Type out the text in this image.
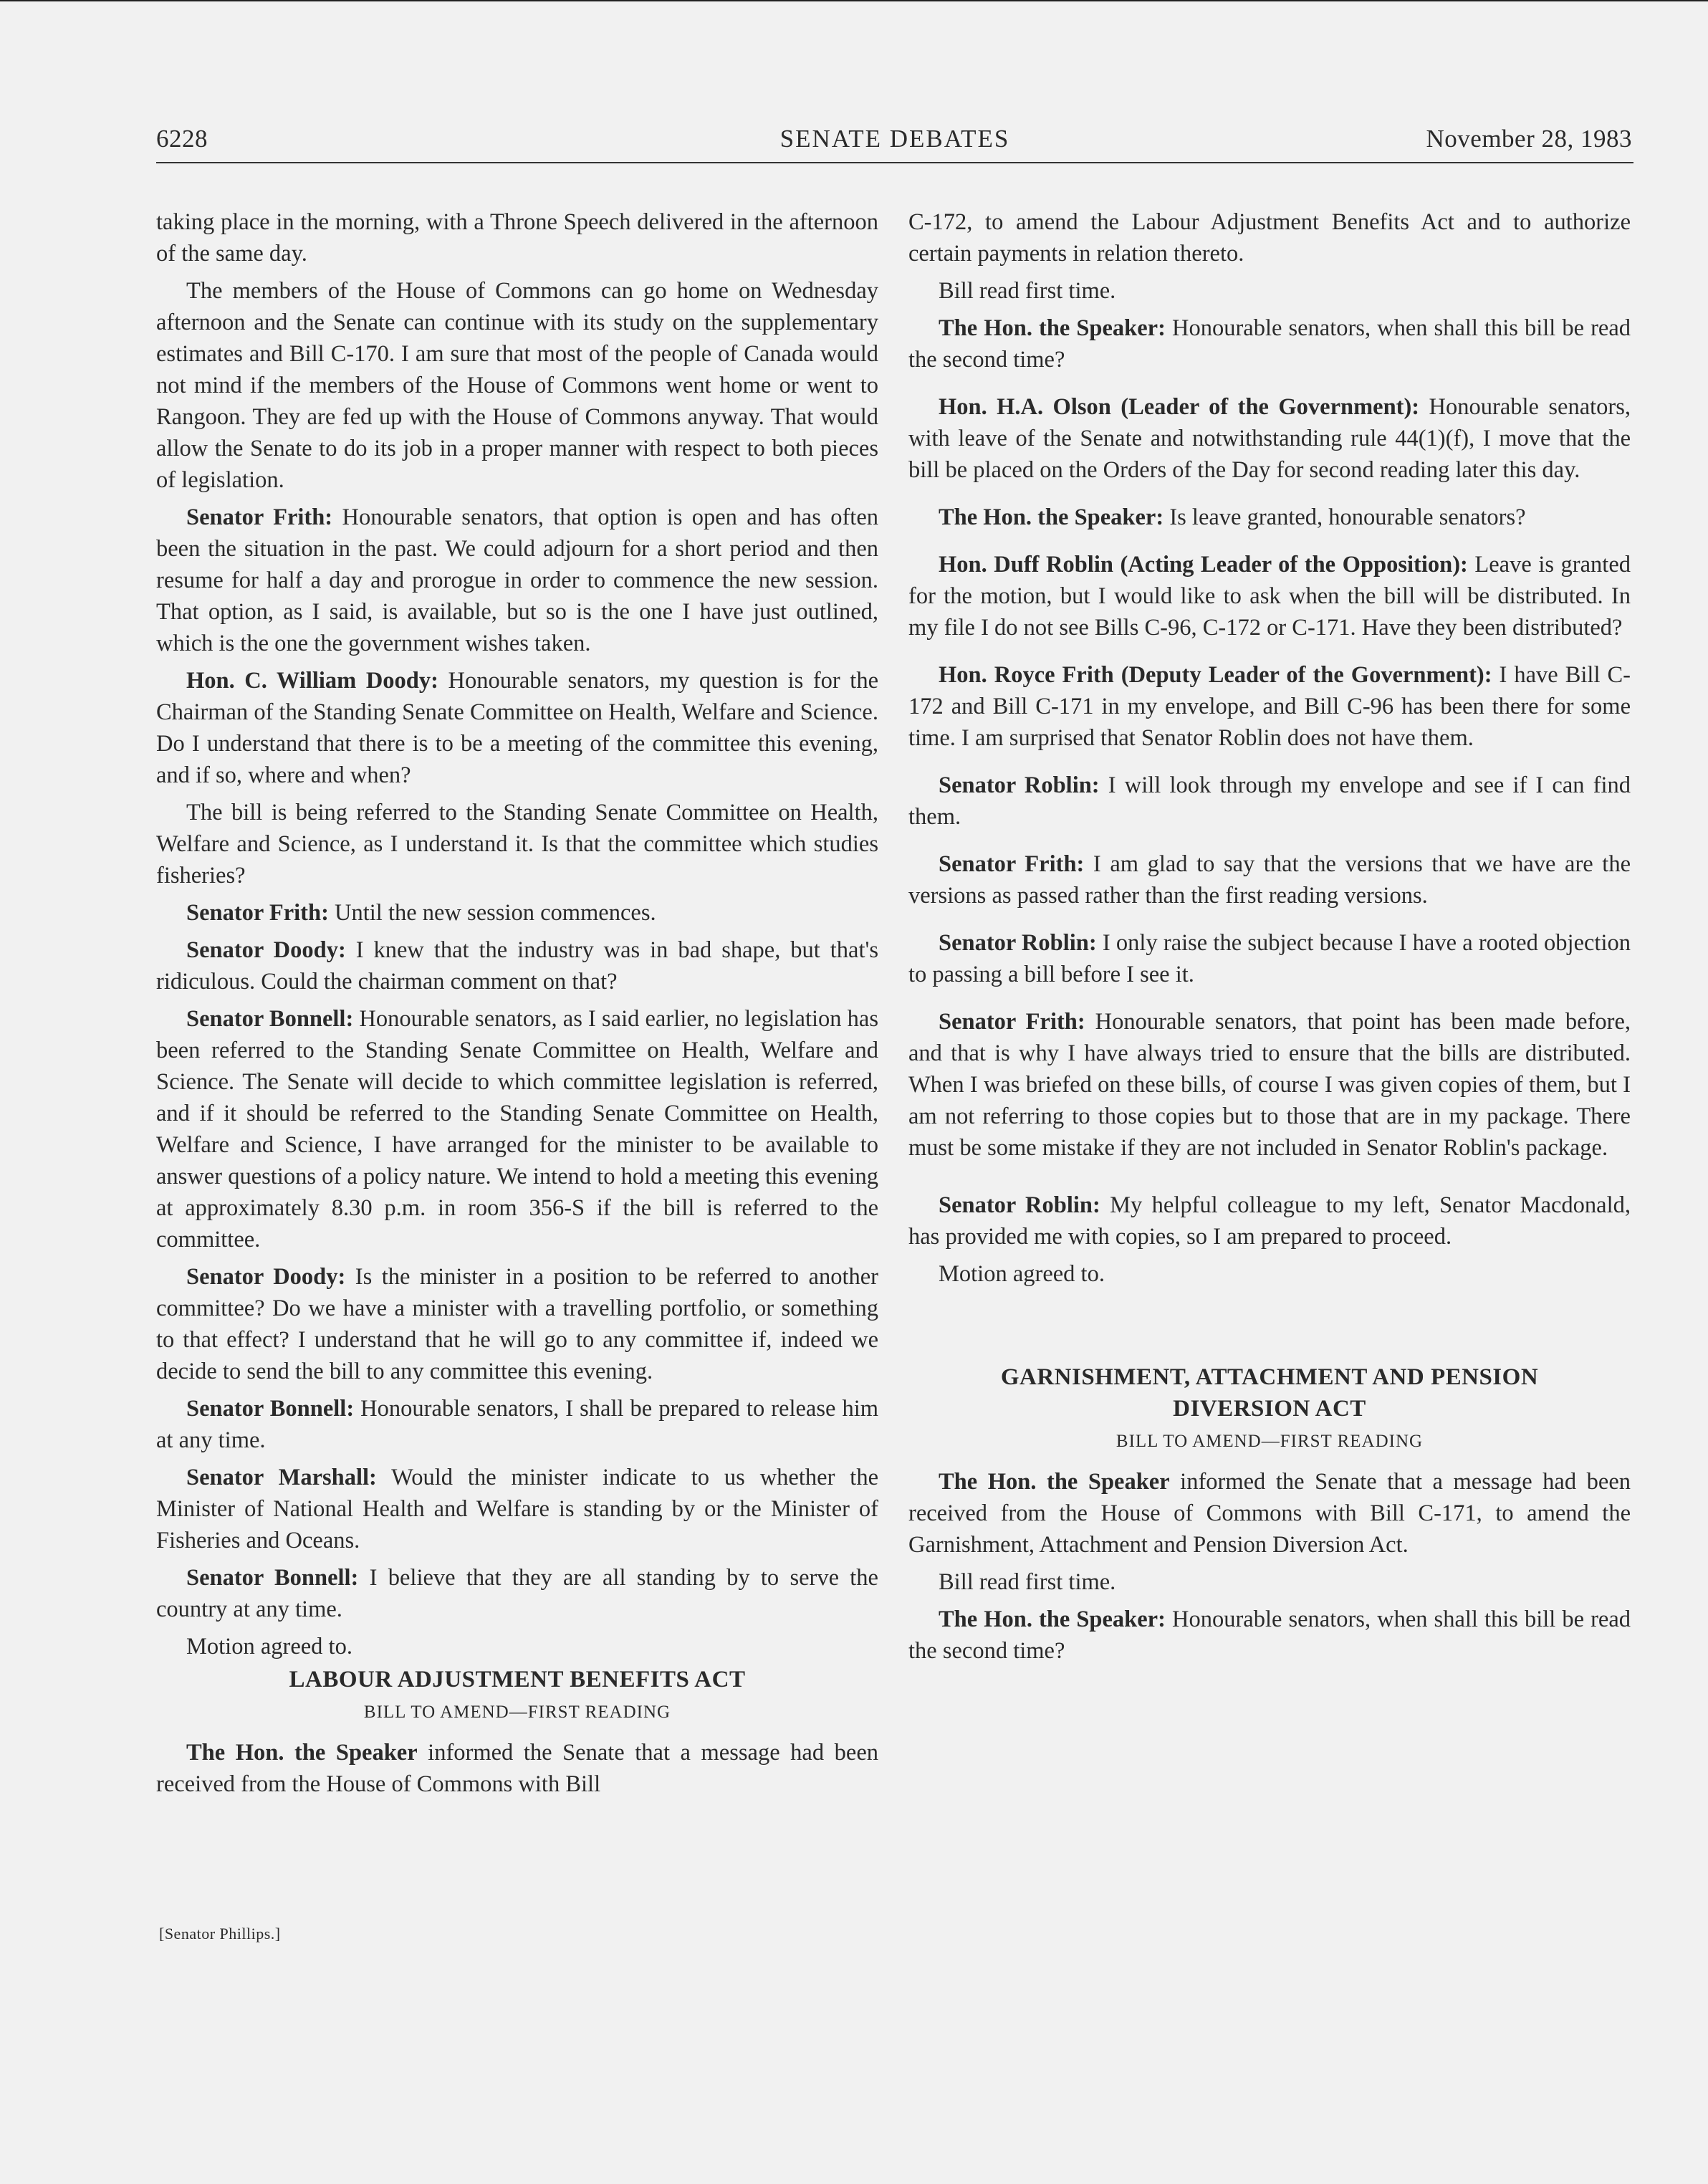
6228	SENATE DEBATES	November 28, 1983

taking place in the morning, with a Throne Speech delivered in the afternoon of the same day.

The members of the House of Commons can go home on Wednesday afternoon and the Senate can continue with its study on the supplementary estimates and Bill C-170. I am sure that most of the people of Canada would not mind if the members of the House of Commons went home or went to Rangoon. They are fed up with the House of Commons anyway. That would allow the Senate to do its job in a proper manner with respect to both pieces of legislation.

Senator Frith: Honourable senators, that option is open and has often been the situation in the past. We could adjourn for a short period and then resume for half a day and prorogue in order to commence the new session. That option, as I said, is available, but so is the one I have just outlined, which is the one the government wishes taken.

Hon. C. William Doody: Honourable senators, my question is for the Chairman of the Standing Senate Committee on Health, Welfare and Science. Do I understand that there is to be a meeting of the committee this evening, and if so, where and when?

The bill is being referred to the Standing Senate Committee on Health, Welfare and Science, as I understand it. Is that the committee which studies fisheries?

Senator Frith: Until the new session commences.

Senator Doody: I knew that the industry was in bad shape, but that's ridiculous. Could the chairman comment on that?

Senator Bonnell: Honourable senators, as I said earlier, no legislation has been referred to the Standing Senate Committee on Health, Welfare and Science. The Senate will decide to which committee legislation is referred, and if it should be referred to the Standing Senate Committee on Health, Welfare and Science, I have arranged for the minister to be available to answer questions of a policy nature. We intend to hold a meeting this evening at approximately 8.30 p.m. in room 356-S if the bill is referred to the committee.

Senator Doody: Is the minister in a position to be referred to another committee? Do we have a minister with a travelling portfolio, or something to that effect? I understand that he will go to any committee if, indeed we decide to send the bill to any committee this evening.

Senator Bonnell: Honourable senators, I shall be prepared to release him at any time.

Senator Marshall: Would the minister indicate to us whether the Minister of National Health and Welfare is standing by or the Minister of Fisheries and Oceans.

Senator Bonnell: I believe that they are all standing by to serve the country at any time.

Motion agreed to.

LABOUR ADJUSTMENT BENEFITS ACT

BILL TO AMEND—FIRST READING

The Hon. the Speaker informed the Senate that a message had been received from the House of Commons with Bill

C-172, to amend the Labour Adjustment Benefits Act and to authorize certain payments in relation thereto.

Bill read first time.

The Hon. the Speaker: Honourable senators, when shall this bill be read the second time?

Hon. H.A. Olson (Leader of the Government): Honourable senators, with leave of the Senate and notwithstanding rule 44(1)(f), I move that the bill be placed on the Orders of the Day for second reading later this day.

The Hon. the Speaker: Is leave granted, honourable senators?

Hon. Duff Roblin (Acting Leader of the Opposition): Leave is granted for the motion, but I would like to ask when the bill will be distributed. In my file I do not see Bills C-96, C-172 or C-171. Have they been distributed?

Hon. Royce Frith (Deputy Leader of the Government): I have Bill C-172 and Bill C-171 in my envelope, and Bill C-96 has been there for some time. I am surprised that Senator Roblin does not have them.

Senator Roblin: I will look through my envelope and see if I can find them.

Senator Frith: I am glad to say that the versions that we have are the versions as passed rather than the first reading versions.

Senator Roblin: I only raise the subject because I have a rooted objection to passing a bill before I see it.

Senator Frith: Honourable senators, that point has been made before, and that is why I have always tried to ensure that the bills are distributed. When I was briefed on these bills, of course I was given copies of them, but I am not referring to those copies but to those that are in my package. There must be some mistake if they are not included in Senator Roblin's package.

Senator Roblin: My helpful colleague to my left, Senator Macdonald, has provided me with copies, so I am prepared to proceed.

Motion agreed to.

GARNISHMENT, ATTACHMENT AND PENSION
DIVERSION ACT

BILL TO AMEND—FIRST READING

The Hon. the Speaker informed the Senate that a message had been received from the House of Commons with Bill C-171, to amend the Garnishment, Attachment and Pension Diversion Act.

Bill read first time.

The Hon. the Speaker: Honourable senators, when shall this bill be read the second time?

[Senator Phillips.]
